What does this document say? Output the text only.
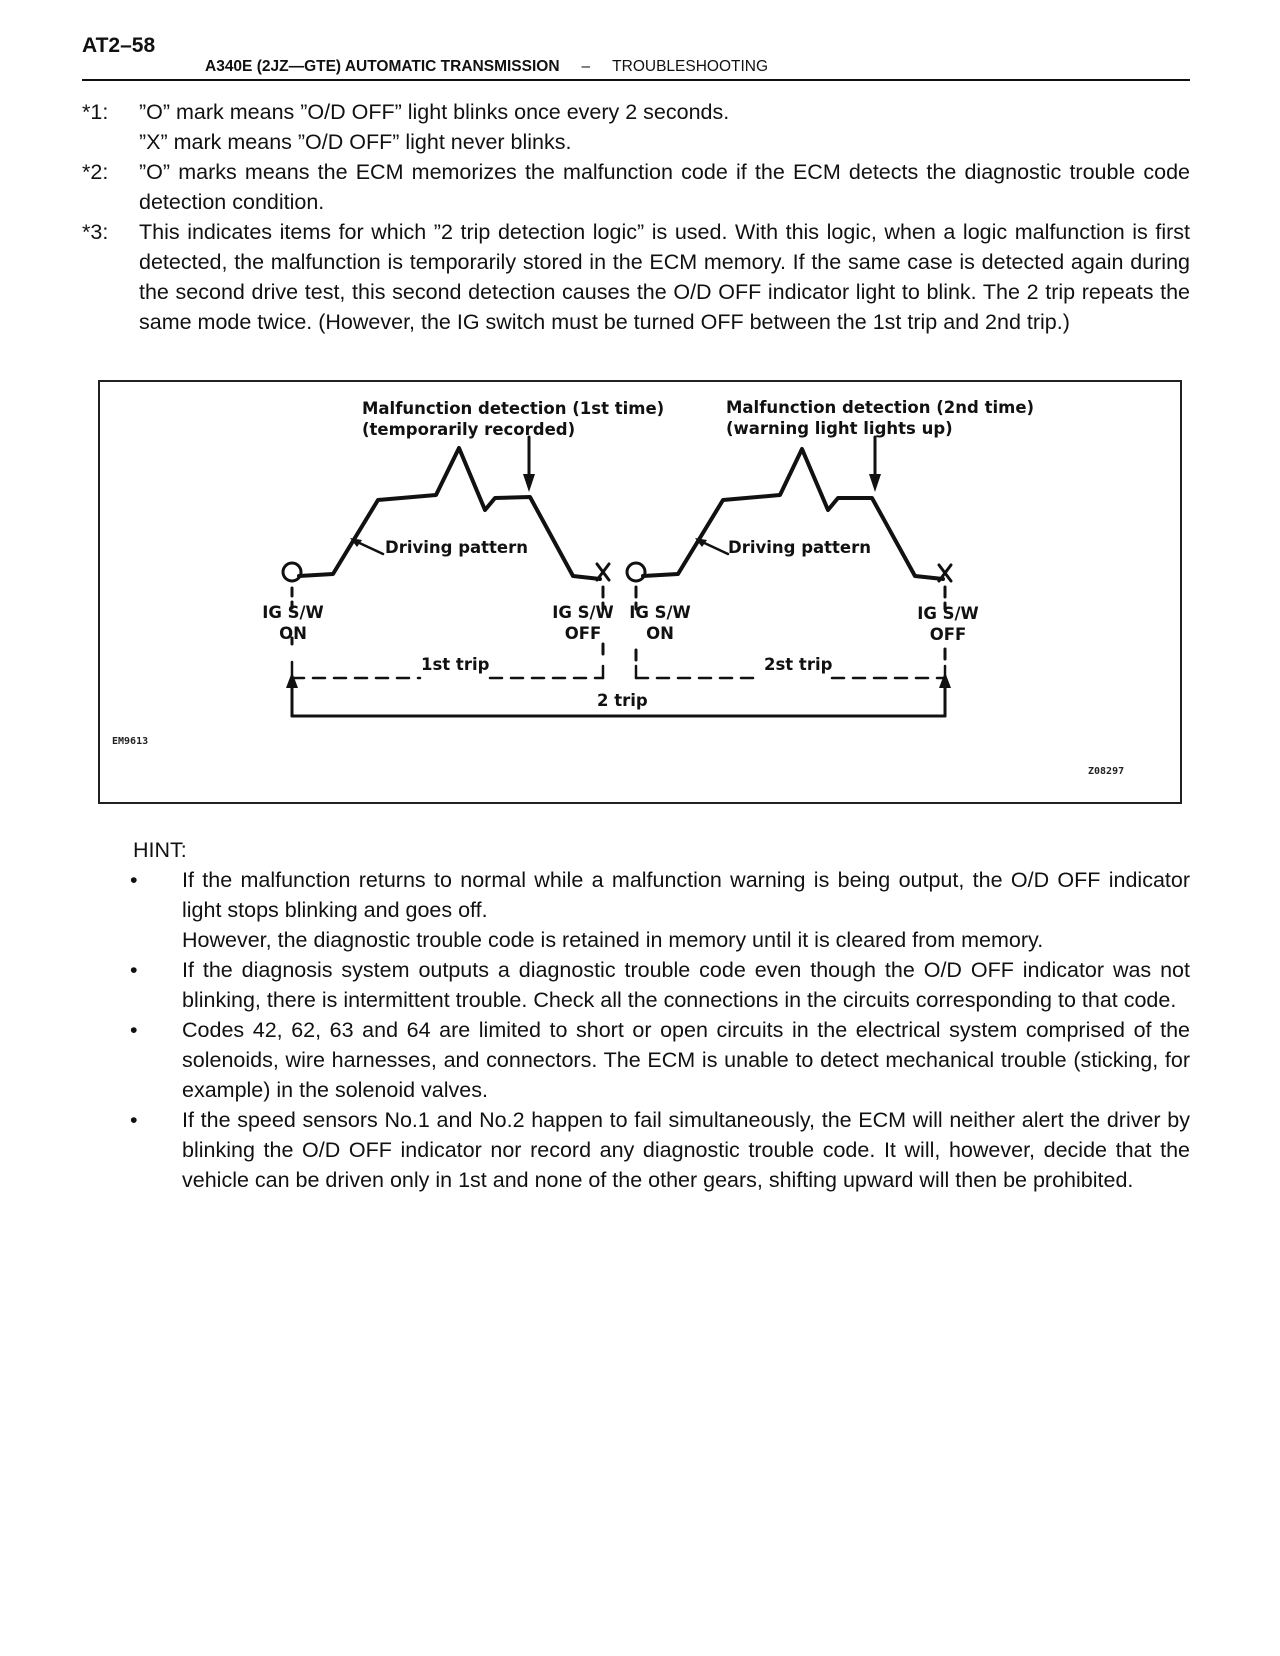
AT2–58
A340E (2JZ—GTE) AUTOMATIC TRANSMISSION – TROUBLESHOOTING
*1:	”O” mark means ”O/D OFF” light blinks once every 2 seconds.
”X” mark means ”O/D OFF” light never blinks.
*2:	”O” marks means the ECM memorizes the malfunction code if the ECM detects the diagnostic trouble code detection condition.
*3:	This indicates items for which ”2 trip detection logic” is used. With this logic, when a logic malfunction is first detected, the malfunction is temporarily stored in the ECM memory. If the same case is detected again during the second drive test, this second detection causes the O/D OFF indicator light to blink. The 2 trip repeats the same mode twice. (However, the IG switch must be turned OFF between the 1st trip and 2nd trip.)
Malfunction detection (1st time)
(temporarily recorded)
Malfunction detection (2nd time)
(warning light lights up)
Driving pattern	Driving pattern
IG S/W
ON
IG S/W
OFF
IG S/W
ON
IG S/W
OFF
1st trip	2st trip
2 trip
EM9613
Z08297
HINT:
•	If the malfunction returns to normal while a malfunction warning is being output, the O/D OFF indicator light stops blinking and goes off.
However, the diagnostic trouble code is retained in memory until it is cleared from memory.
•	If the diagnosis system outputs a diagnostic trouble code even though the O/D OFF indicator was not blinking, there is intermittent trouble. Check all the connections in the circuits corresponding to that code.
•	Codes 42, 62, 63 and 64 are limited to short or open circuits in the electrical system comprised of the solenoids, wire harnesses, and connectors. The ECM is unable to detect mechanical trouble (sticking, for example) in the solenoid valves.
•	If the speed sensors No.1 and No.2 happen to fail simultaneously, the ECM will neither alert the driver by blinking the O/D OFF indicator nor record any diagnostic trouble code. It will, however, decide that the vehicle can be driven only in 1st and none of the other gears, shifting upward will then be prohibited.
